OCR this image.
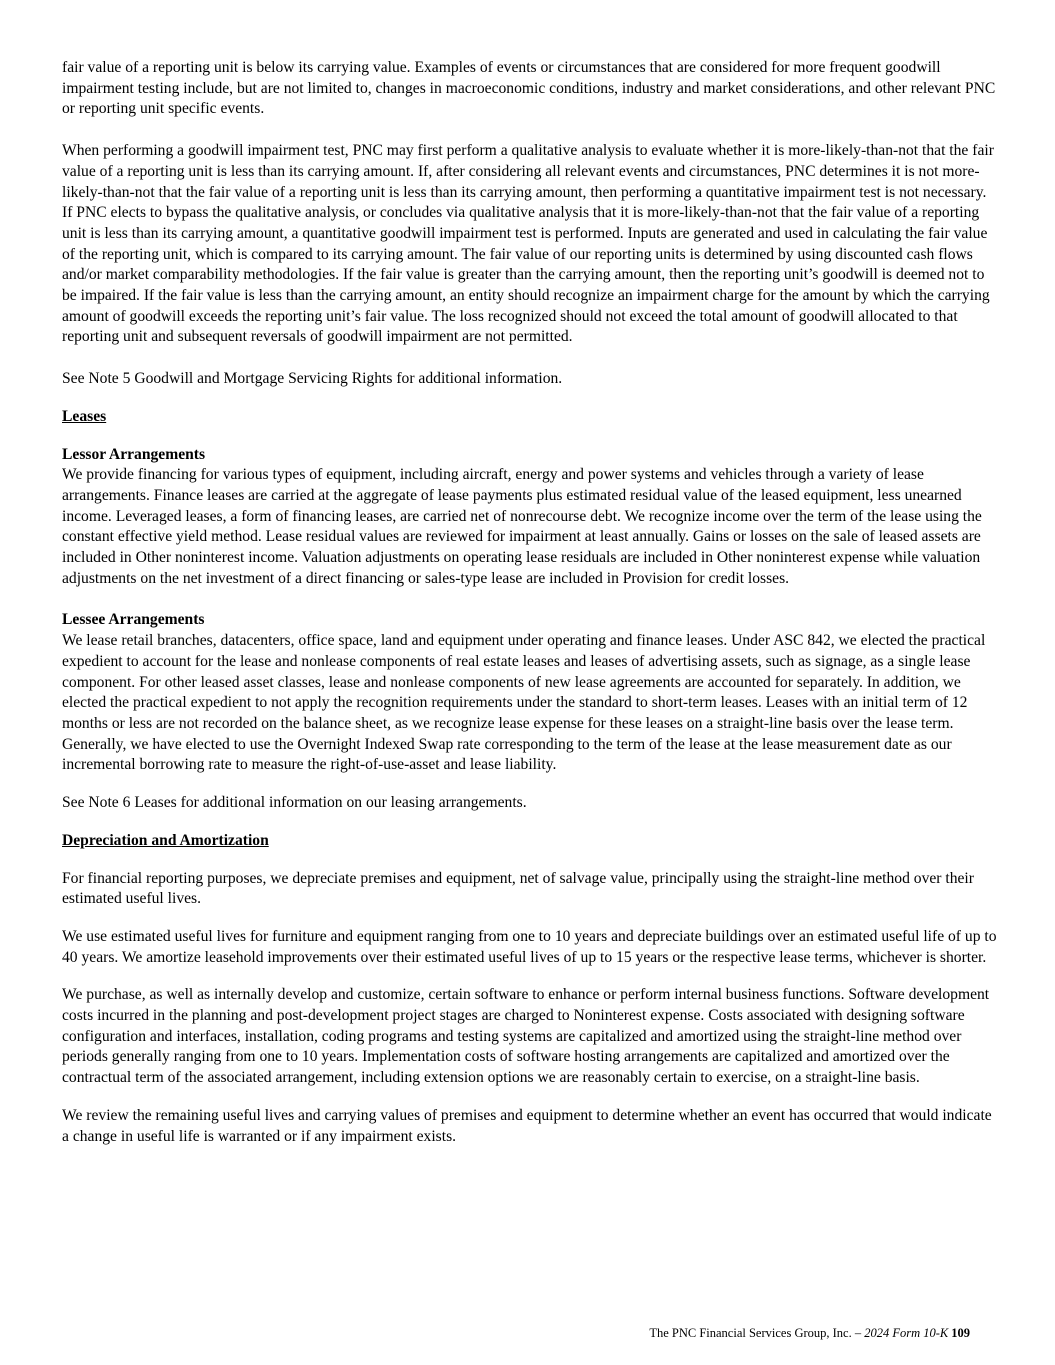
fair value of a reporting unit is below its carrying value. Examples of events or circumstances that are considered for more frequent goodwill impairment testing include, but are not limited to, changes in macroeconomic conditions, industry and market considerations, and other relevant PNC or reporting unit specific events.

When performing a goodwill impairment test, PNC may first perform a qualitative analysis to evaluate whether it is more-likely-than-not that the fair value of a reporting unit is less than its carrying amount. If, after considering all relevant events and circumstances, PNC determines it is not more-likely-than-not that the fair value of a reporting unit is less than its carrying amount, then performing a quantitative impairment test is not necessary. If PNC elects to bypass the qualitative analysis, or concludes via qualitative analysis that it is more-likely-than-not that the fair value of a reporting unit is less than its carrying amount, a quantitative goodwill impairment test is performed. Inputs are generated and used in calculating the fair value of the reporting unit, which is compared to its carrying amount. The fair value of our reporting units is determined by using discounted cash flows and/or market comparability methodologies. If the fair value is greater than the carrying amount, then the reporting unit’s goodwill is deemed not to be impaired. If the fair value is less than the carrying amount, an entity should recognize an impairment charge for the amount by which the carrying amount of goodwill exceeds the reporting unit’s fair value. The loss recognized should not exceed the total amount of goodwill allocated to that reporting unit and subsequent reversals of goodwill impairment are not permitted.

See Note 5 Goodwill and Mortgage Servicing Rights for additional information.

Leases

Lessor Arrangements

We provide financing for various types of equipment, including aircraft, energy and power systems and vehicles through a variety of lease arrangements. Finance leases are carried at the aggregate of lease payments plus estimated residual value of the leased equipment, less unearned income. Leveraged leases, a form of financing leases, are carried net of nonrecourse debt. We recognize income over the term of the lease using the constant effective yield method. Lease residual values are reviewed for impairment at least annually. Gains or losses on the sale of leased assets are included in Other noninterest income. Valuation adjustments on operating lease residuals are included in Other noninterest expense while valuation adjustments on the net investment of a direct financing or sales-type lease are included in Provision for credit losses.

Lessee Arrangements

We lease retail branches, datacenters, office space, land and equipment under operating and finance leases. Under ASC 842, we elected the practical expedient to account for the lease and nonlease components of real estate leases and leases of advertising assets, such as signage, as a single lease component. For other leased asset classes, lease and nonlease components of new lease agreements are accounted for separately. In addition, we elected the practical expedient to not apply the recognition requirements under the standard to short-term leases. Leases with an initial term of 12 months or less are not recorded on the balance sheet, as we recognize lease expense for these leases on a straight-line basis over the lease term. Generally, we have elected to use the Overnight Indexed Swap rate corresponding to the term of the lease at the lease measurement date as our incremental borrowing rate to measure the right-of-use-asset and lease liability.

See Note 6 Leases for additional information on our leasing arrangements.

Depreciation and Amortization

For financial reporting purposes, we depreciate premises and equipment, net of salvage value, principally using the straight-line method over their estimated useful lives.

We use estimated useful lives for furniture and equipment ranging from one to 10 years and depreciate buildings over an estimated useful life of up to 40 years. We amortize leasehold improvements over their estimated useful lives of up to 15 years or the respective lease terms, whichever is shorter.

We purchase, as well as internally develop and customize, certain software to enhance or perform internal business functions. Software development costs incurred in the planning and post-development project stages are charged to Noninterest expense. Costs associated with designing software configuration and interfaces, installation, coding programs and testing systems are capitalized and amortized using the straight-line method over periods generally ranging from one to 10 years. Implementation costs of software hosting arrangements are capitalized and amortized over the contractual term of the associated arrangement, including extension options we are reasonably certain to exercise, on a straight-line basis.

We review the remaining useful lives and carrying values of premises and equipment to determine whether an event has occurred that would indicate a change in useful life is warranted or if any impairment exists.

The PNC Financial Services Group, Inc. – 2024 Form 10-K 109
